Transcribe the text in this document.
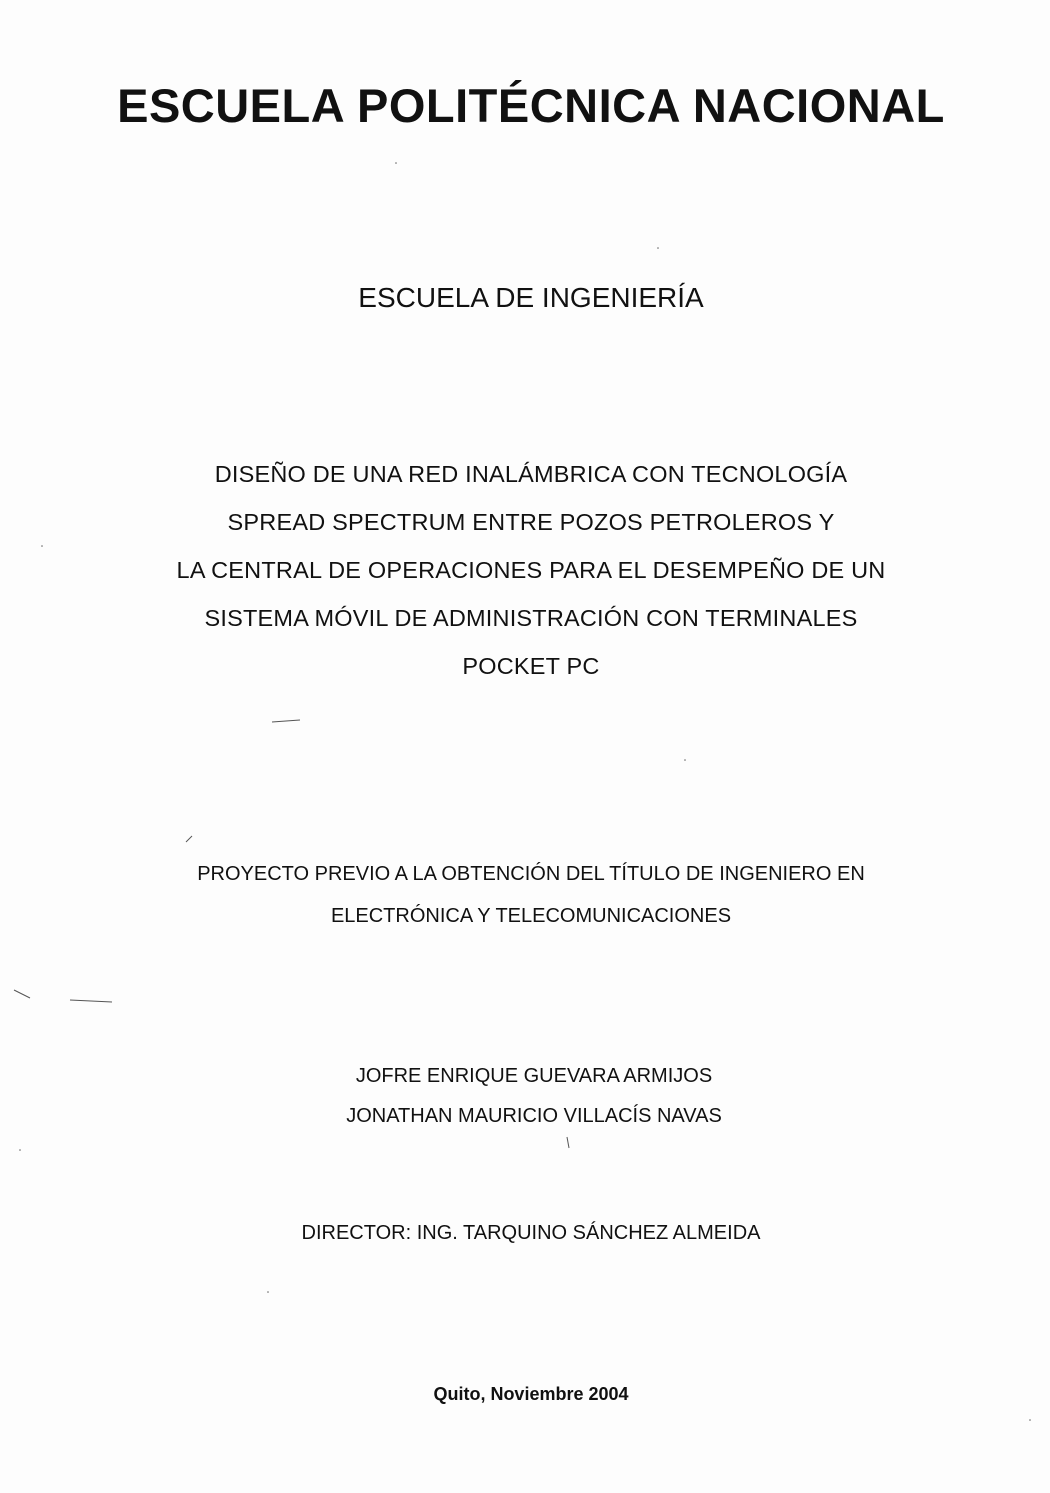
ESCUELA POLITÉCNICA NACIONAL
ESCUELA DE INGENIERÍA
DISEÑO DE UNA RED INALÁMBRICA CON TECNOLOGÍA
SPREAD SPECTRUM ENTRE POZOS PETROLEROS Y
LA CENTRAL DE OPERACIONES PARA EL DESEMPEÑO DE UN
SISTEMA MÓVIL DE ADMINISTRACIÓN CON TERMINALES
POCKET PC
PROYECTO PREVIO A LA OBTENCIÓN DEL TÍTULO DE INGENIERO EN
ELECTRÓNICA Y TELECOMUNICACIONES
JOFRE ENRIQUE GUEVARA ARMIJOS
JONATHAN MAURICIO VILLACÍS NAVAS
DIRECTOR: ING. TARQUINO SÁNCHEZ ALMEIDA
Quito, Noviembre 2004
